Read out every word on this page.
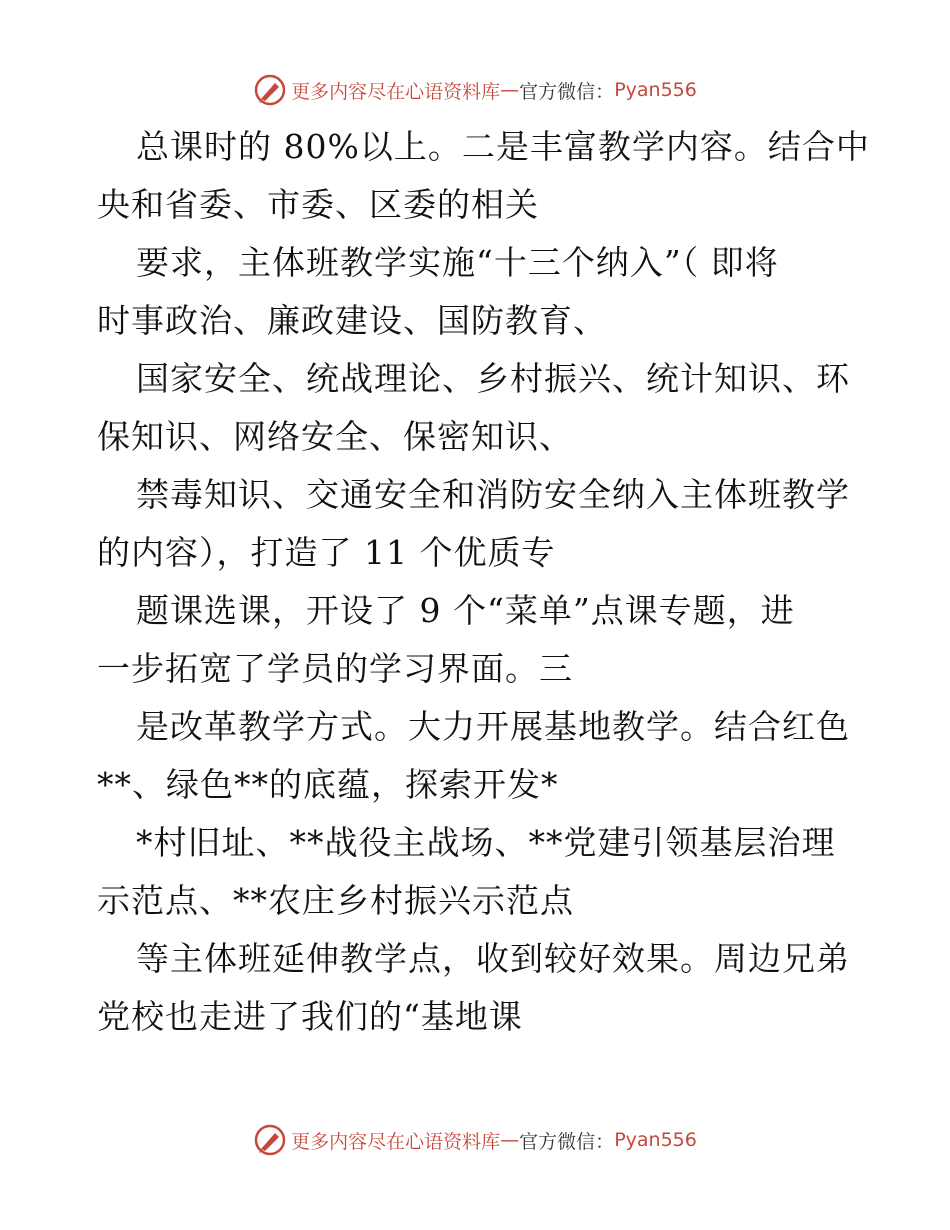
更多内容尽在心语资料库 — 官方微信： Pyan556
总课时的 80%以上。二是丰富教学内容。结合中
央和省委、市委、区委的相关
要求，主体班教学实施“十三个纳入”（ 即将
时事政治、廉政建设、国防教育、
国家安全、统战理论、乡村振兴、统计知识、环
保知识、网络安全、保密知识、
禁毒知识、交通安全和消防安全纳入主体班教学
的内容），打造了 11 个优质专
题课选课，开设了 9 个“菜单”点课专题，进
一步拓宽了学员的学习界面。三
是改革教学方式。大力开展基地教学。结合红色
**、绿色**的底蕴，探索开发*
*村旧址、**战役主战场、**党建引领基层治理
示范点、**农庄乡村振兴示范点
等主体班延伸教学点，收到较好效果。周边兄弟
党校也走进了我们的“基地课
更多内容尽在心语资料库 — 官方微信： Pyan556
